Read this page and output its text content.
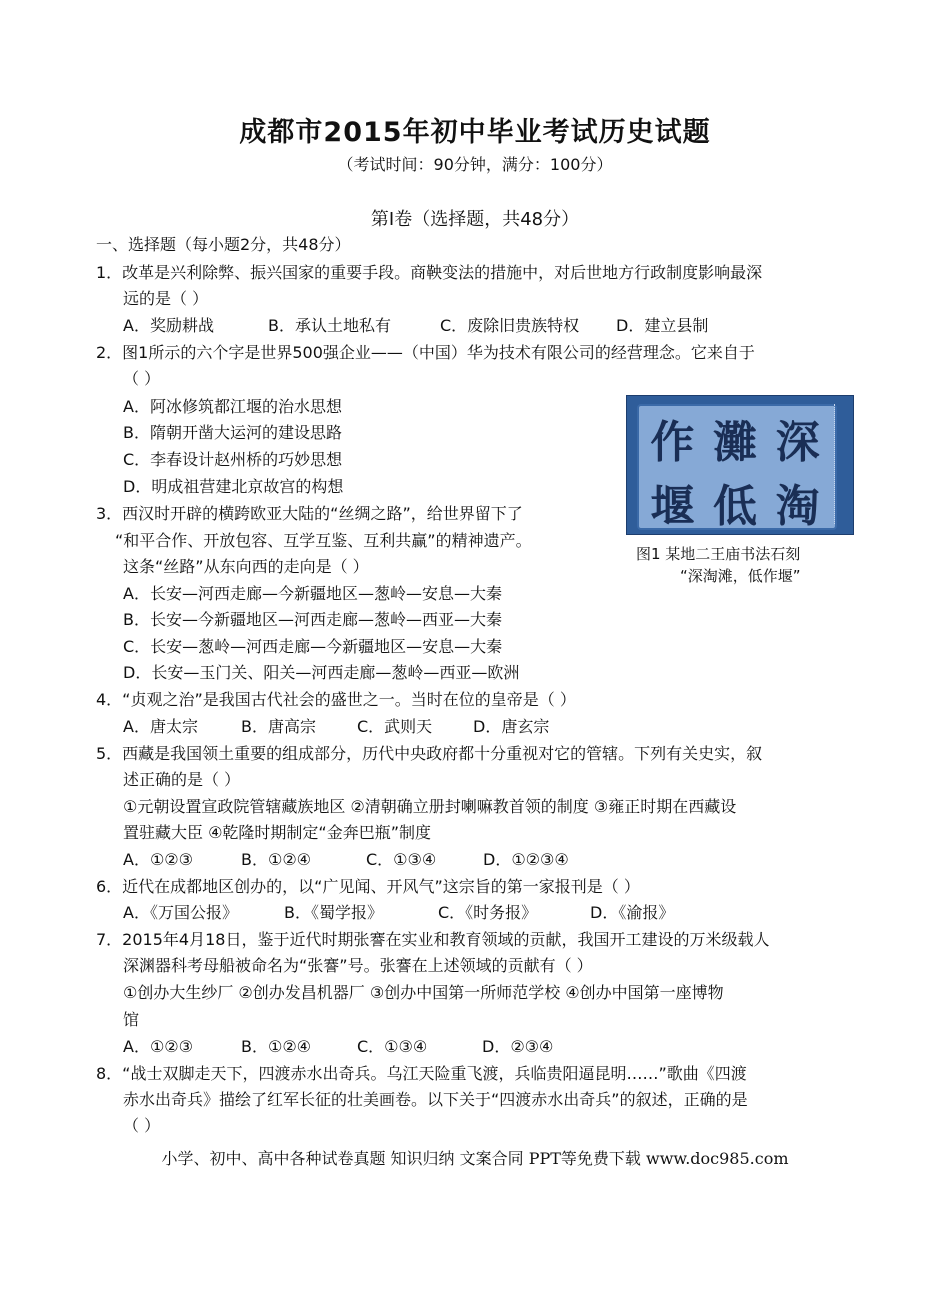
成都市2015年初中毕业考试历史试题
（考试时间：90分钟，满分：100分）
第Ⅰ卷（选择题，共48分）
一、选择题（每小题2分，共48分）
1．改革是兴利除弊、振兴国家的重要手段。商鞅变法的措施中，对后世地方行政制度影响最深
远的是（ ）
A．奖励耕战	B．承认土地私有	C．废除旧贵族特权 D．建立县制
2．图1所示的六个字是世界500强企业——（中国）华为技术有限公司的经营理念。它来自于
（ ）
A．阿冰修筑都江堰的治水思想
B．隋朝开凿大运河的建设思路
C．李春设计赵州桥的巧妙思想
D．明成祖营建北京故宫的构想
作 灘 深
堰 低 淘
图1 某地二王庙书法石刻
“深淘滩，低作堰”
3．西汉时开辟的横跨欧亚大陆的“丝绸之路”，给世界留下了
“和平合作、开放包容、互学互鉴、互利共赢”的精神遗产。
这条“丝路”从东向西的走向是（ ）
A．长安—河西走廊—今新疆地区—葱岭—安息—大秦
B．长安—今新疆地区—河西走廊—葱岭—西亚—大秦
C．长安—葱岭—河西走廊—今新疆地区—安息—大秦
D．长安—玉门关、阳关—河西走廊—葱岭—西亚—欧洲
4．“贞观之治”是我国古代社会的盛世之一。当时在位的皇帝是（ ）
A．唐太宗	B．唐高宗	C．武则天	D．唐玄宗
5．西藏是我国领土重要的组成部分，历代中央政府都十分重视对它的管辖。下列有关史实，叙
述正确的是（ ）
①元朝设置宣政院管辖藏族地区 ②清朝确立册封喇嘛教首领的制度 ③雍正时期在西藏设
置驻藏大臣 ④乾隆时期制定“金奔巴瓶”制度
A．①②③	B．①②④	C．①③④	D．①②③④
6．近代在成都地区创办的，以“广见闻、开风气”这宗旨的第一家报刊是（ ）
A．《万国公报》	B．《蜀学报》	C．《时务报》	D．《渝报》
7．2015年4月18日，鉴于近代时期张謇在实业和教育领域的贡献，我国开工建设的万米级载人
深渊器科考母船被命名为“张謇”号。张謇在上述领域的贡献有（ ）
①创办大生纱厂 ②创办发昌机器厂 ③创办中国第一所师范学校 ④创办中国第一座博物
馆
A．①②③	B．①②④	C．①③④	D．②③④
8．“战士双脚走天下，四渡赤水出奇兵。乌江天险重飞渡，兵临贵阳逼昆明……”歌曲《四渡
赤水出奇兵》描绘了红军长征的壮美画卷。以下关于“四渡赤水出奇兵”的叙述，正确的是
（ ）
小学、初中、高中各种试卷真题 知识归纳 文案合同 PPT等免费下载 www.doc985.com
